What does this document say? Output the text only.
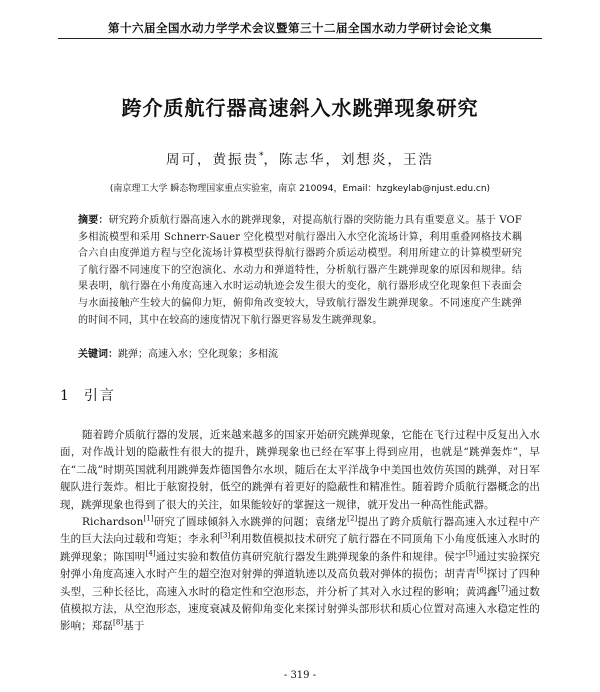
第十六届全国水动力学学术会议暨第三十二届全国水动力学研讨会论文集
跨介质航行器高速斜入水跳弹现象研究
周可，黄振贵*，陈志华，刘想炎，王浩
(南京理工大学 瞬态物理国家重点实验室，南京 210094，Email：hzgkeylab@njust.edu.cn)
摘要：研究跨介质航行器高速入水的跳弹现象，对提高航行器的突防能力具有重要意义。基于 VOF 多相流模型和采用 Schnerr-Sauer 空化模型对航行器出入水空化流场计算，利用重叠网格技术耦合六自由度弹道方程与空化流场计算模型获得航行器跨介质运动模型。利用所建立的计算模型研究了航行器不同速度下的空泡演化、水动力和弹道特性，分析航行器产生跳弹现象的原因和规律。结果表明，航行器在小角度高速入水时运动轨迹会发生很大的变化，航行器形成空化现象但下表面会与水面接触产生较大的偏仰力矩，俯仰角改变较大，导致航行器发生跳弹现象。不同速度产生跳弹的时间不同，其中在较高的速度情况下航行器更容易发生跳弹现象。
关键词：跳弹；高速入水；空化现象；多相流
1 引言

随着跨介质航行器的发展，近来越来越多的国家开始研究跳弹现象，它能在飞行过程中反复出入水面，对作战计划的隐蔽性有很大的提升，跳弹现象也已经在军事上得到应用，也就是“跳弹轰炸”，早在“二战”时期英国就利用跳弹轰炸德国鲁尔水坝，随后在太平洋战争中美国也效仿英国的跳弹，对日军舰队进行轰炸。相比于舷窗投射，低空的跳弹有着更好的隐蔽性和精准性。随着跨介质航行器概念的出现，跳弹现象也得到了很大的关注，如果能较好的掌握这一规律，就开发出一种高性能武器。

Richardson[1]研究了圆球倾斜入水跳弹的问题；袁绪龙[2]提出了跨介质航行器高速入水过程中产生的巨大法向过载和弯矩；李永利[3]利用数值模拟技术研究了航行器在不同顶角下小角度低速入水时的跳弹现象；陈国明[4]通过实验和数值仿真研究航行器发生跳弹现象的条件和规律。侯宇[5]通过实验探究射弹小角度高速入水时产生的超空泡对射弹的弹道轨迹以及高负载对弹体的损伤；胡青青[6]探讨了四种头型，三种长径比，高速入水时的稳定性和空泡形态，并分析了其对入水过程的影响；黄鸿鑫[7]通过数值模拟方法，从空泡形态，速度衰减及俯仰角变化来探讨射弹头部形状和质心位置对高速入水稳定性的影响；郑磊[8]基于

- 319 -
